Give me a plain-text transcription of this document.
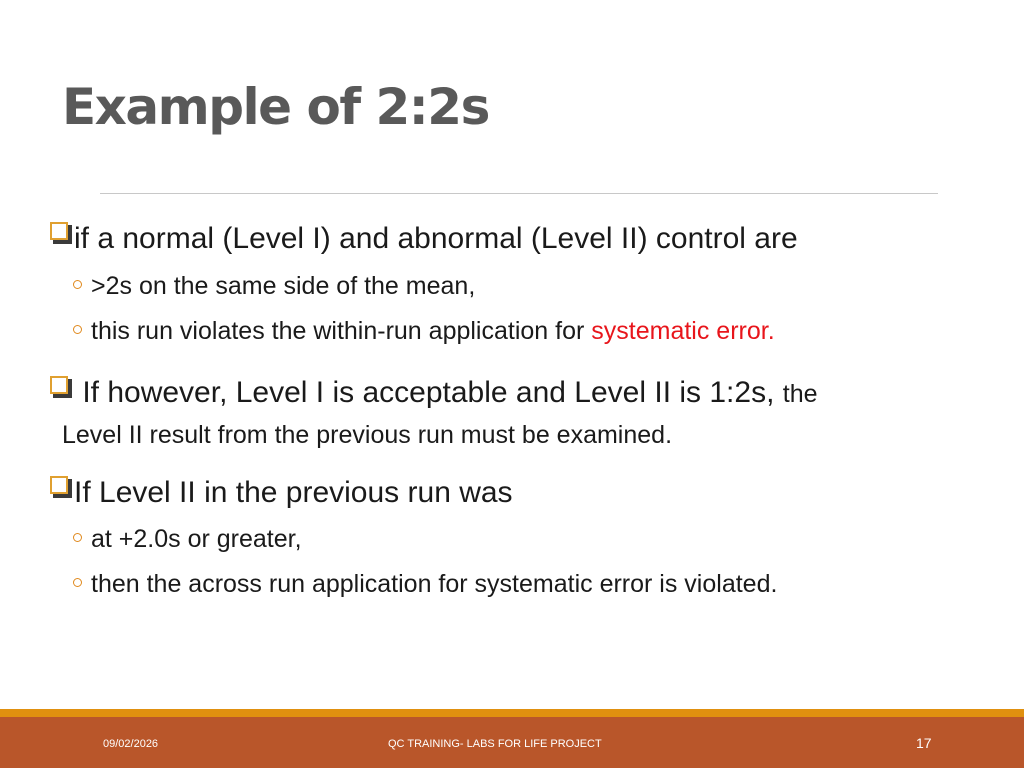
Example of 2:2s
if a normal (Level I) and abnormal (Level II) control are
>2s on the same side of the mean,
this run violates the within-run application for systematic error.
If however, Level I is acceptable and Level II is 1:2s, the
Level II result from the previous run must be examined.
If Level II in the previous run was
at +2.0s or greater,
then the across run application for systematic error is violated.
09/02/2026	QC TRAINING- LABS FOR LIFE PROJECT	17
